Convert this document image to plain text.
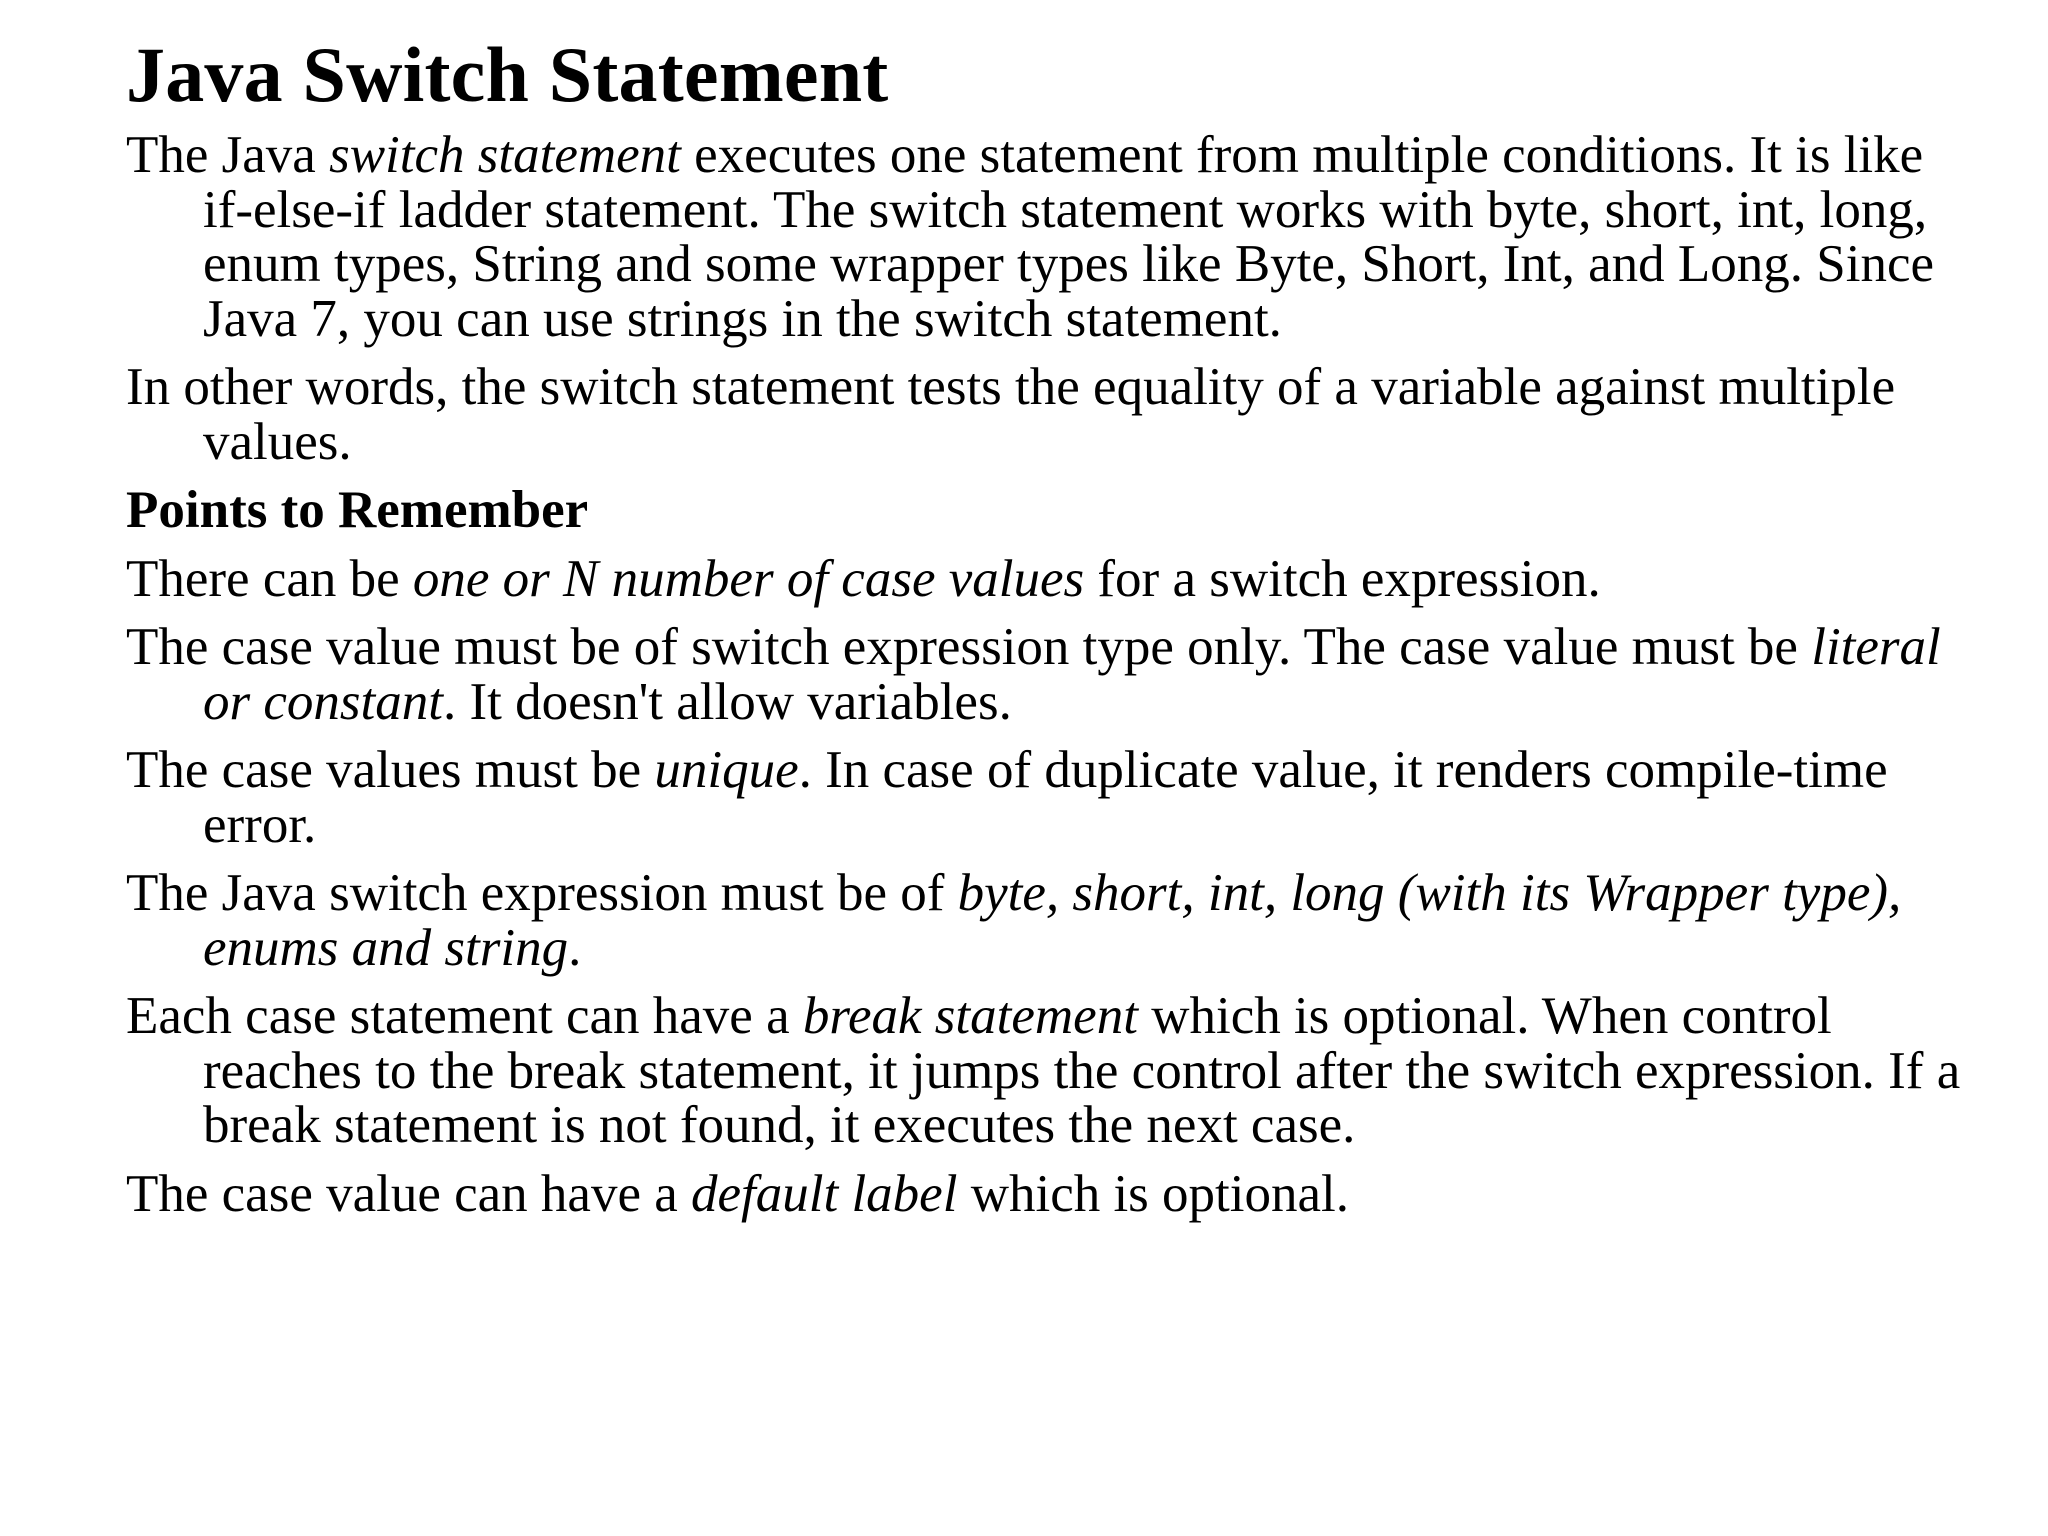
Java Switch Statement
The Java switch statement executes one statement from multiple conditions. It is like if-else-if ladder statement. The switch statement works with byte, short, int, long, enum types, String and some wrapper types like Byte, Short, Int, and Long. Since Java 7, you can use strings in the switch statement.
In other words, the switch statement tests the equality of a variable against multiple values.
Points to Remember
There can be one or N number of case values for a switch expression.
The case value must be of switch expression type only. The case value must be literal or constant. It doesn't allow variables.
The case values must be unique. In case of duplicate value, it renders compile-time error.
The Java switch expression must be of byte, short, int, long (with its Wrapper type), enums and string.
Each case statement can have a break statement which is optional. When control reaches to the break statement, it jumps the control after the switch expression. If a break statement is not found, it executes the next case.
The case value can have a default label which is optional.
